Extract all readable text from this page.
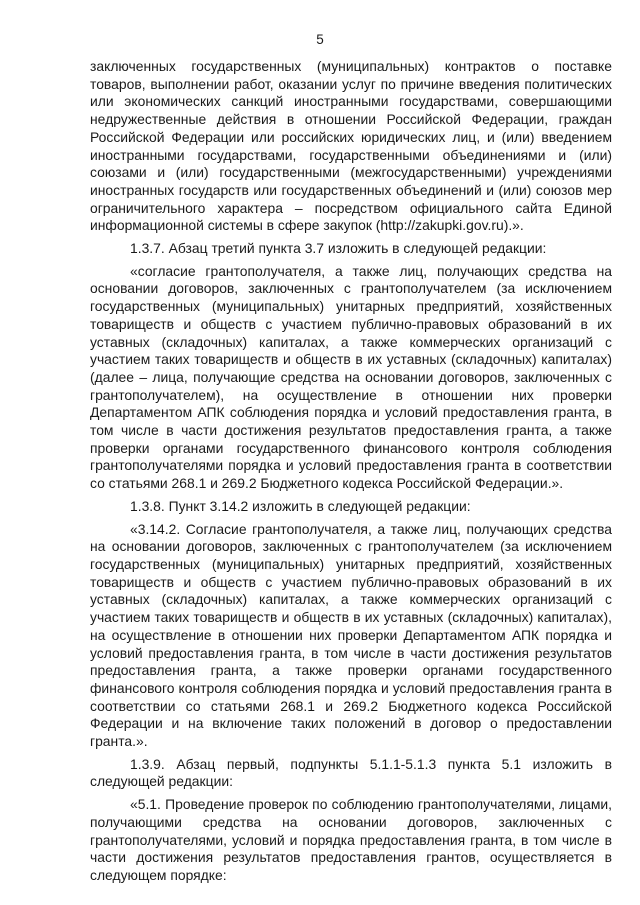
5

заключенных государственных (муниципальных) контрактов о поставке товаров, выполнении работ, оказании услуг по причине введения политических или экономических санкций иностранными государствами, совершающими недружественные действия в отношении Российской Федерации, граждан Российской Федерации или российских юридических лиц, и (или) введением иностранными государствами, государственными объединениями и (или) союзами и (или) государственными (межгосударственными) учреждениями иностранных государств или государственных объединений и (или) союзов мер ограничительного характера – посредством официального сайта Единой информационной системы в сфере закупок (http://zakupki.gov.ru).».

1.3.7. Абзац третий пункта 3.7 изложить в следующей редакции:

«согласие грантополучателя, а также лиц, получающих средства на основании договоров, заключенных с грантополучателем (за исключением государственных (муниципальных) унитарных предприятий, хозяйственных товариществ и обществ с участием публично-правовых образований в их уставных (складочных) капиталах, а также коммерческих организаций с участием таких товариществ и обществ в их уставных (складочных) капиталах) (далее – лица, получающие средства на основании договоров, заключенных с грантополучателем), на осуществление в отношении них проверки Департаментом АПК соблюдения порядка и условий предоставления гранта, в том числе в части достижения результатов предоставления гранта, а также проверки органами государственного финансового контроля соблюдения грантополучателями порядка и условий предоставления гранта в соответствии со статьями 268.1 и 269.2 Бюджетного кодекса Российской Федерации.».

1.3.8. Пункт 3.14.2 изложить в следующей редакции:

«3.14.2. Согласие грантополучателя, а также лиц, получающих средства на основании договоров, заключенных с грантополучателем (за исключением государственных (муниципальных) унитарных предприятий, хозяйственных товариществ и обществ с участием публично-правовых образований в их уставных (складочных) капиталах, а также коммерческих организаций с участием таких товариществ и обществ в их уставных (складочных) капиталах), на осуществление в отношении них проверки Департаментом АПК порядка и условий предоставления гранта, в том числе в части достижения результатов предоставления гранта, а также проверки органами государственного финансового контроля соблюдения порядка и условий предоставления гранта в соответствии со статьями 268.1 и 269.2 Бюджетного кодекса Российской Федерации и на включение таких положений в договор о предоставлении гранта.».

1.3.9. Абзац первый, подпункты 5.1.1-5.1.3 пункта 5.1 изложить в следующей редакции:

«5.1. Проведение проверок по соблюдению грантополучателями, лицами, получающими средства на основании договоров, заключенных с грантополучателями, условий и порядка предоставления гранта, в том числе в части достижения результатов предоставления грантов, осуществляется в следующем порядке:
